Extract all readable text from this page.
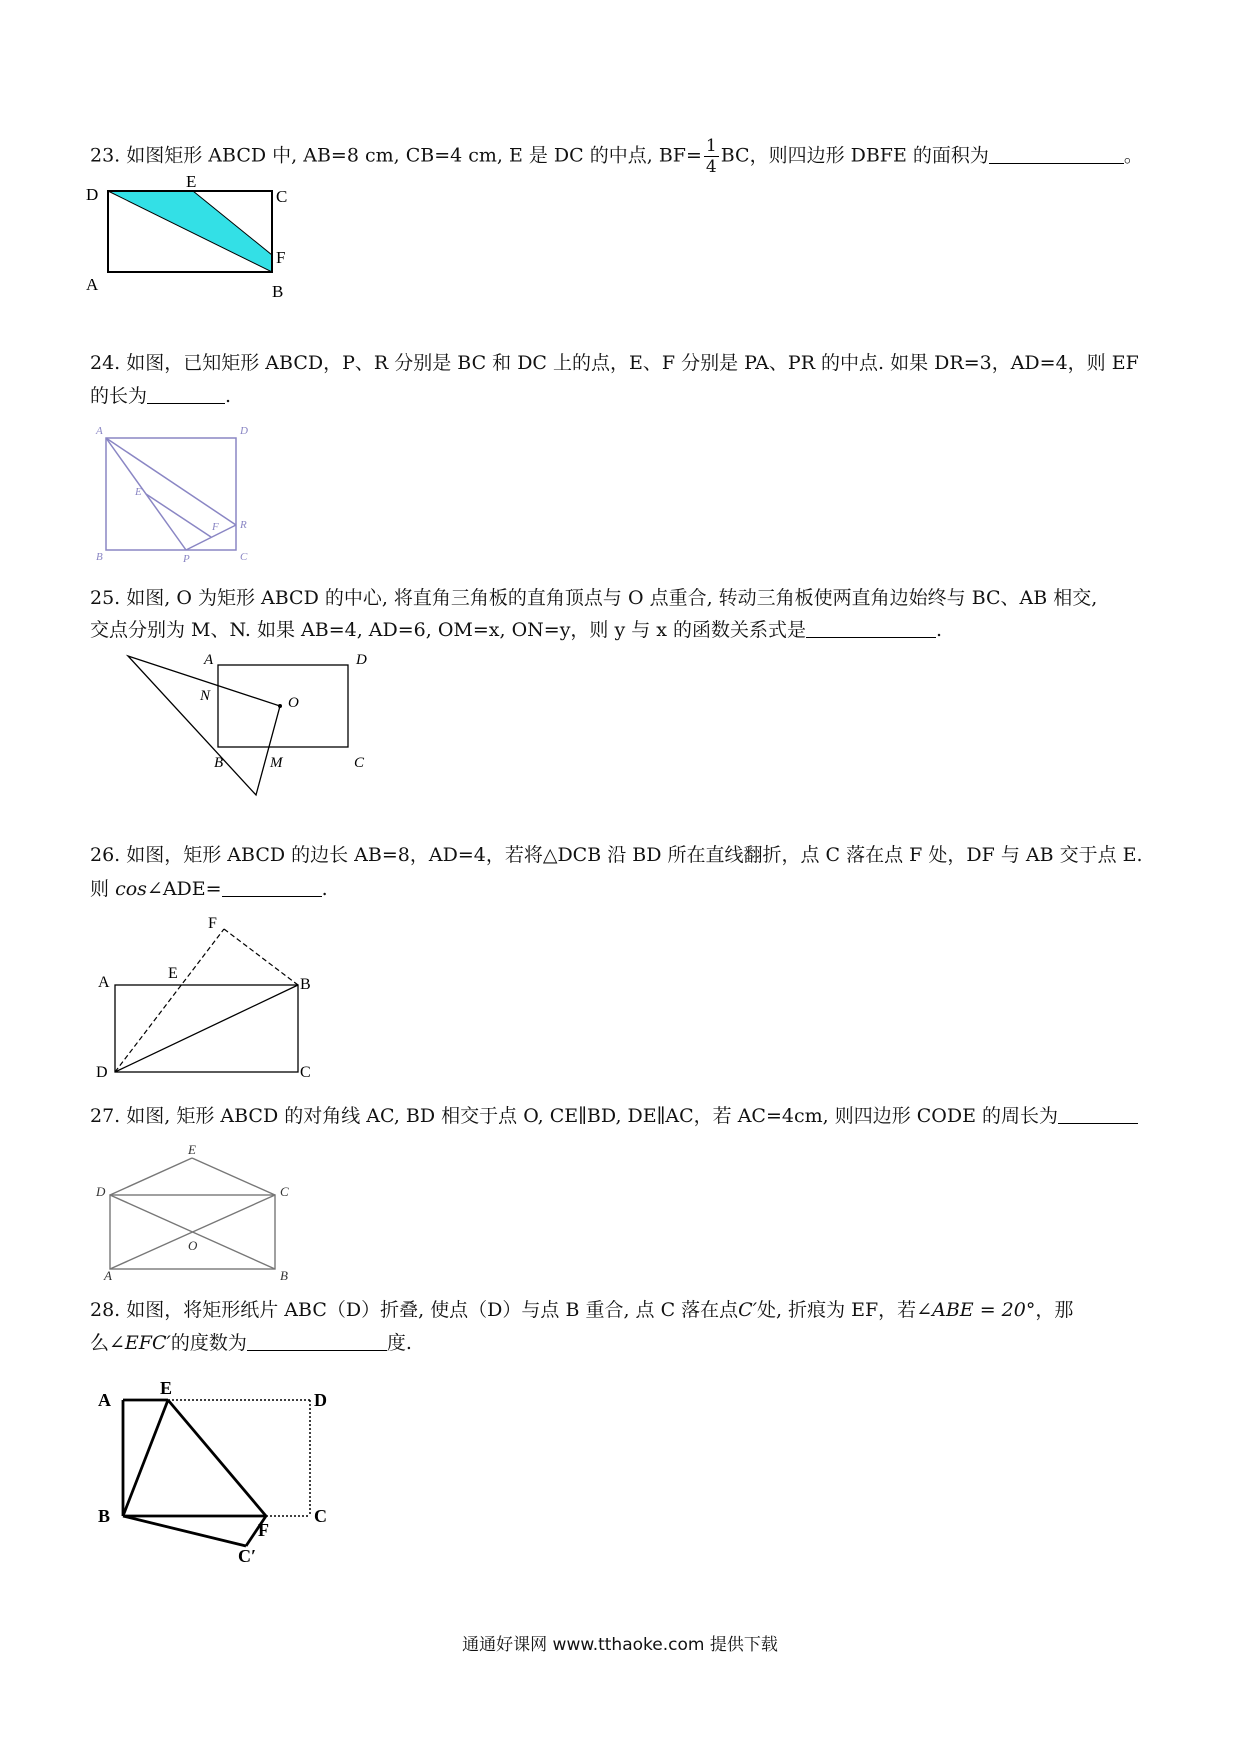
23. 如图矩形 ABCD 中, AB=8 cm, CB=4 cm, E 是 DC 的中点, $BF= \frac{1}{4}$ BC，则四边形 DBFE 的面积为	。
D
E
C
F
A	B
24. 如图，已知矩形 ABCD，P、R 分别是 BC 和 DC 上的点，E、F 分别是 PA、PR 的中点. 如果 DR=3，AD=4，则 EF
的长为	.
A	D
E
F R
B	P	C
25. 如图, O 为矩形 ABCD 的中心, 将直角三角板的直角顶点与 O 点重合, 转动三角板使两直角边始终与 BC、AB 相交,
交点分别为 M、N. 如果 AB=4, AD=6, OM=x, ON=y，则 y 与 x 的函数关系式是	.
A	D
N	O
B	M	C
26. 如图，矩形 ABCD 的边长 AB=8，AD=4，若将△DCB 沿 BD 所在直线翻折，点 C 落在点 F 处，DF 与 AB 交于点 E.
则 cos∠ADE=	.
F
A
E
B
D	C
27. 如图, 矩形 ABCD 的对角线 AC, BD 相交于点 O, CE∥BD, DE∥AC，若 AC=4cm, 则四边形 CODE 的周长为
E
D	C
O
A	B
28. 如图，将矩形纸片 ABC（D）折叠, 使点（D）与点 B 重合, 点 C 落在点C′处, 折痕为 EF，若∠ABE = 20°，那
么∠EFC′的度数为	度.
A
E
D
B
F
C
C′
通通好课网 www.tthaoke.com 提供下载
